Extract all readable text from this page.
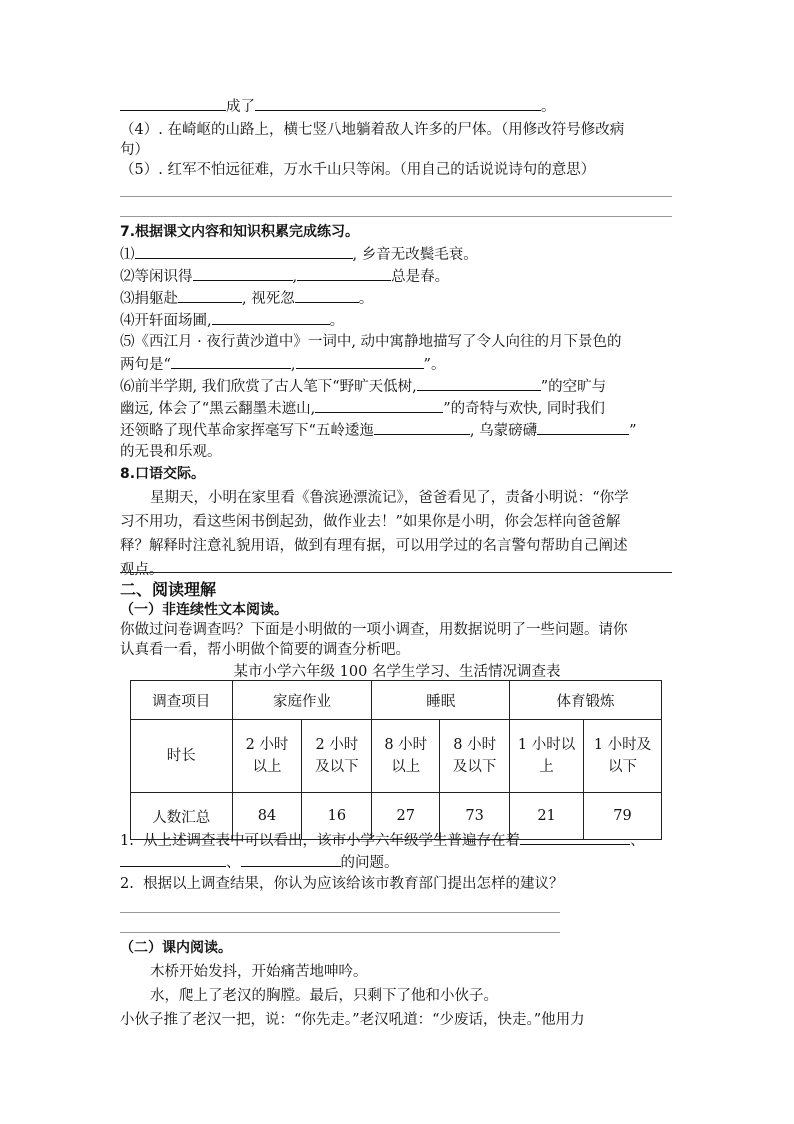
成了	。
（4）. 在崎岖的山路上，横七竖八地躺着敌人许多的尸体。（用修改符号修改病
句）
（5）. 红军不怕远征难，万水千山只等闲。（用自己的话说说诗句的意思）
7.根据课文内容和知识积累完成练习。
⑴	, 乡音无改鬓毛衰。
⑵等闲识得	,	总是春。
⑶捐躯赴	, 视死忽	。
⑷开轩面场圃,	。
⑸《西江月 · 夜行黄沙道中》一词中, 动中寓静地描写了令人向往的月下景色的
两句是“	,	”。
⑹前半学期, 我们欣赏了古人笔下“野旷天低树,	”的空旷与
幽远, 体会了“黑云翻墨未遮山,	”的奇特与欢快, 同时我们
还领略了现代革命家挥毫写下“五岭逶迤	, 乌蒙磅礴	”
的无畏和乐观。
8.口语交际。
星期天，小明在家里看《鲁滨逊漂流记》，爸爸看见了，责备小明说：“你学
习不用功，看这些闲书倒起劲，做作业去！”如果你是小明，你会怎样向爸爸解
释？解释时注意礼貌用语，做到有理有据，可以用学过的名言警句帮助自己阐述
观点。
二、阅读理解
（一）非连续性文本阅读。
你做过问卷调查吗？下面是小明做的一项小调查，用数据说明了一些问题。请你
认真看一看，帮小明做个简要的调查分析吧。
某市小学六年级 100 名学生学习、生活情况调查表
调查项目	家庭作业		睡眠		体育锻炼	
时长	2 小时以上	2 小时及以下	8 小时以上	8 小时及以下	1 小时以上	1 小时及以下

人数汇总	84	16	27	73	21	79
1. 从上述调查表中可以看出，该市小学六年级学生普遍存在着	、
、	的问题。
2. 根据以上调查结果，你认为应该给该市教育部门提出怎样的建议？
（二）课内阅读。
木桥开始发抖，开始痛苦地呻吟。
水，爬上了老汉的胸膛。最后，只剩下了他和小伙子。
小伙子推了老汉一把，说：“你先走。”老汉吼道：“少废话，快走。”他用力
